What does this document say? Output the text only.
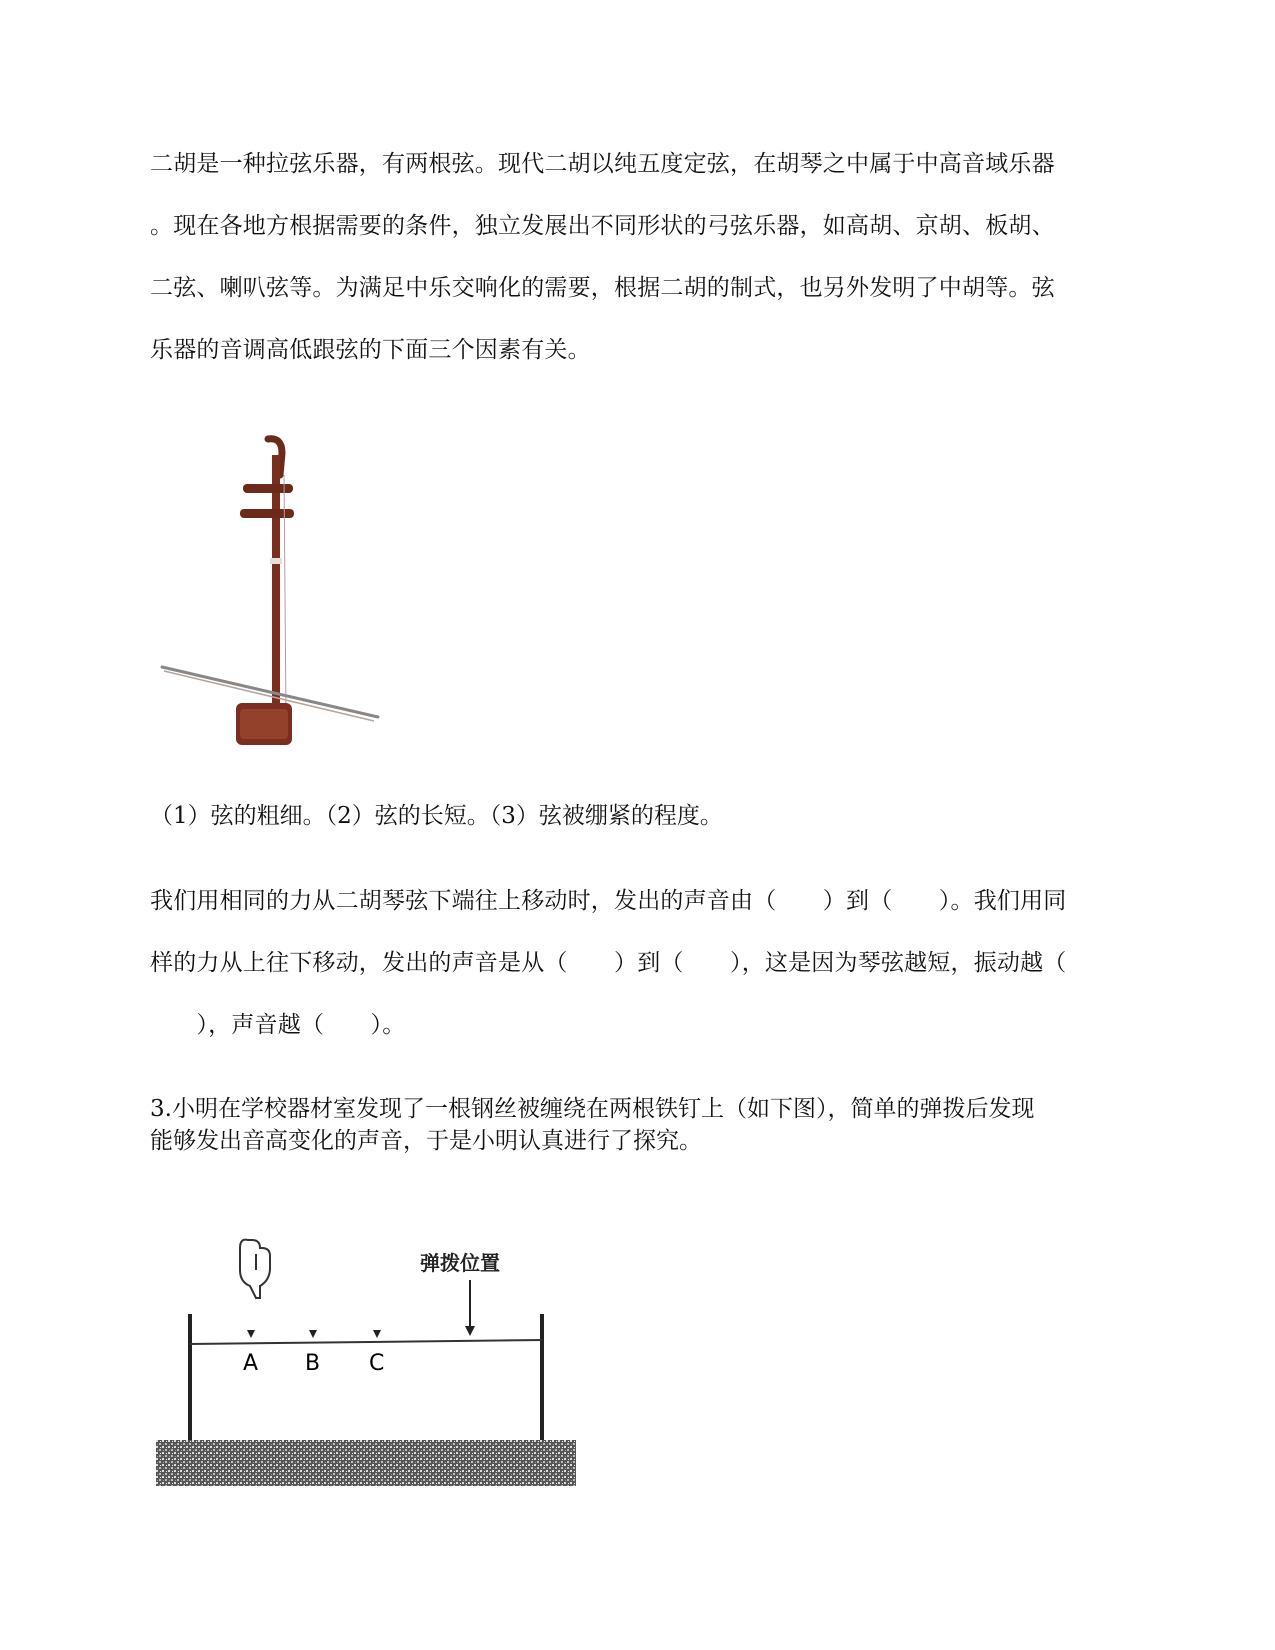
二胡是一种拉弦乐器，有两根弦。现代二胡以纯五度定弦，在胡琴之中属于中高音域乐器
。现在各地方根据需要的条件，独立发展出不同形状的弓弦乐器，如高胡、京胡、板胡、
二弦、喇叭弦等。为满足中乐交响化的需要，根据二胡的制式，也另外发明了中胡等。弦
乐器的音调高低跟弦的下面三个因素有关。
（1）弦的粗细。（2）弦的长短。（3）弦被绷紧的程度。
我们用相同的力从二胡琴弦下端往上移动时，发出的声音由（　　）到（　　）。我们用同
样的力从上往下移动，发出的声音是从（　　）到（　　），这是因为琴弦越短，振动越（
　　），声音越（　　）。
3.小明在学校器材室发现了一根钢丝被缠绕在两根铁钉上（如下图），简单的弹拨后发现
能够发出音高变化的声音，于是小明认真进行了探究。
A B C
弹拨位置
